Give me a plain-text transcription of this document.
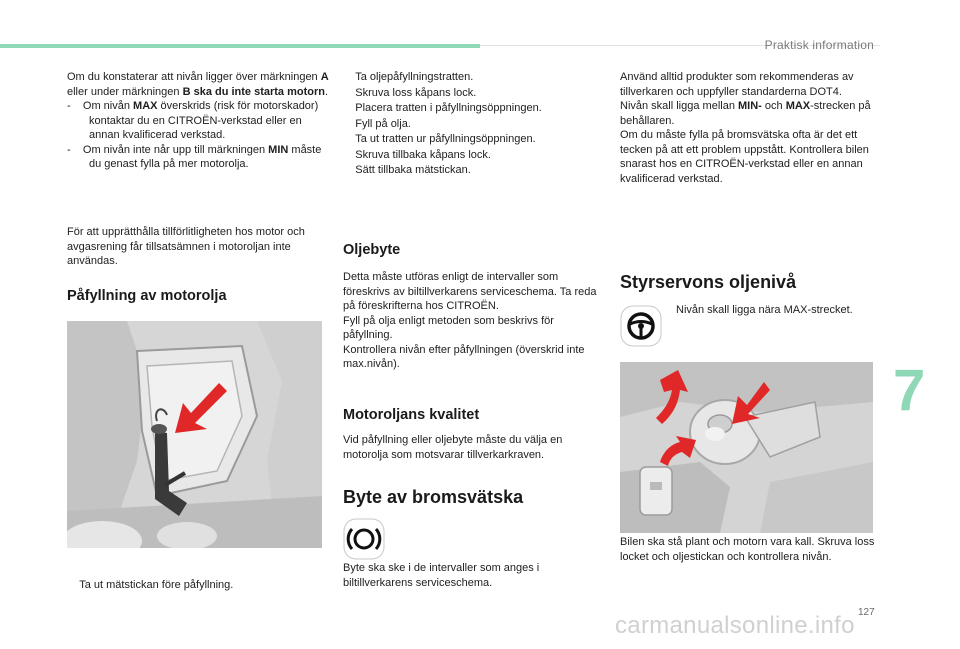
Praktisk information

Om du konstaterar att nivån ligger över märkningen A eller under märkningen B ska du inte starta motorn.

- Om nivån MAX överskrids (risk för motorskador) kontaktar du en CITROËN-verkstad eller en annan kvalificerad verkstad.

- Om nivån inte når upp till märkningen MIN måste du genast fylla på mer motorolja.

För att upprätthålla tillförlitligheten hos motor och avgasrening får tillsatsämnen i motoroljan inte användas.
Påfyllning av motorolja
Ta ut mätstickan före påfyllning.

Ta oljepåfyllningstratten.

Skruva loss kåpans lock.

Placera tratten i påfyllningsöppningen.

Fyll på olja.

Ta ut tratten ur påfyllningsöppningen.

Skruva tillbaka kåpans lock.

Sätt tillbaka mätstickan.

Oljebyte

Detta måste utföras enligt de intervaller som föreskrivs av biltillverkarens serviceschema. Ta reda på föreskrifterna hos CITROËN.

Fyll på olja enligt metoden som beskrivs för påfyllning.

Kontrollera nivån efter påfyllningen (överskrid inte max.nivån).

Motoroljans kvalitet
Vid påfyllning eller oljebyte måste du välja en motorolja som motsvarar tillverkarkraven.
Byte av bromsvätska
Byte ska ske i de intervaller som anges i biltillverkarens serviceschema.

Använd alltid produkter som rekommenderas av tillverkaren och uppfyller standarderna DOT4.

Nivån skall ligga mellan MIN- och MAX-strecken på behållaren.

Om du måste fylla på bromsvätska ofta är det ett tecken på att ett problem uppstått. Kontrollera bilen snarast hos en CITROËN-verkstad eller en annan kvalificerad verkstad.

Styrservons oljenivå
Nivån skall ligga nära MAX-strecket.
Bilen ska stå plant och motorn vara kall. Skruva loss locket och oljestickan och kontrollera nivån.
7
127
carmanualsonline.info
